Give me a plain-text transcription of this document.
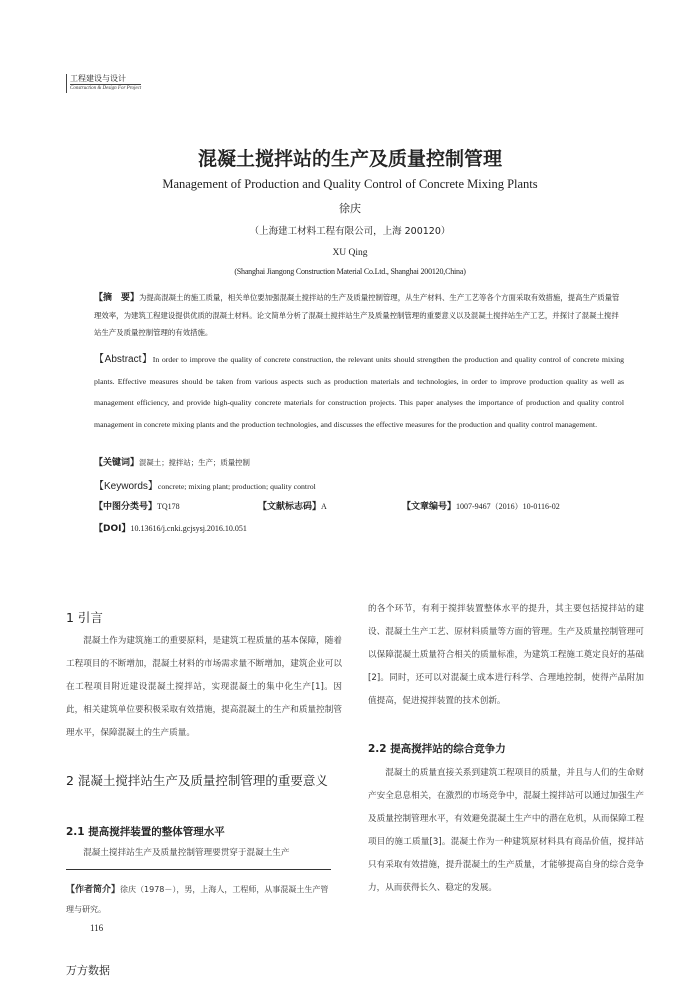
工程建设与设计
Construction & Design For Project
混凝土搅拌站的生产及质量控制管理
Management of Production and Quality Control of Concrete Mixing Plants
徐庆
（上海建工材料工程有限公司，上海 200120）
XU Qing
(Shanghai Jiangong Construction Material Co.Ltd., Shanghai 200120,China)
【摘　要】为提高混凝土的施工质量，相关单位要加强混凝土搅拌站的生产及质量控制管理，从生产材料、生产工艺等各个方面采取有效措施，提高生产质量管理效率，为建筑工程建设提供优质的混凝土材料。论文简单分析了混凝土搅拌站生产及质量控制管理的重要意义以及混凝土搅拌站生产工艺，并探讨了混凝土搅拌站生产及质量控制管理的有效措施。
【Abstract】In order to improve the quality of concrete construction, the relevant units should strengthen the production and quality control of concrete mixing plants. Effective measures should be taken from various aspects such as production materials and technologies, in order to improve production quality as well as management efficiency, and provide high-quality concrete materials for construction projects. This paper analyses the importance of production and quality control management in concrete mixing plants and the production technologies, and discusses the effective measures for the production and quality control management.
【关键词】混凝土；搅拌站；生产；质量控制
【Keywords】concrete; mixing plant; production; quality control
【中图分类号】TQ178	【文献标志码】A	【文章编号】1007-9467（2016）10-0116-02
【DOI】10.13616/j.cnki.gcjsysj.2016.10.051
1 引言

混凝土作为建筑施工的重要原料，是建筑工程质量的基本保障，随着工程项目的不断增加，混凝土材料的市场需求量不断增加，建筑企业可以在工程项目附近建设混凝土搅拌站，实现混凝土的集中化生产[1]。因此，相关建筑单位要积极采取有效措施，提高混凝土的生产和质量控制管理水平，保障混凝土的生产质量。

2 混凝土搅拌站生产及质量控制管理的重要意义
2.1 提高搅拌装置的整体管理水平

混凝土搅拌站生产及质量控制管理要贯穿于混凝土生产

【作者简介】徐庆（1978－），男，上海人，工程师，从事混凝土生产管理与研究。
116

的各个环节，有利于搅拌装置整体水平的提升，其主要包括搅拌站的建设、混凝土生产工艺、原材料质量等方面的管理。生产及质量控制管理可以保障混凝土质量符合相关的质量标准，为建筑工程施工奠定良好的基础[2]。同时，还可以对混凝土成本进行科学、合理地控制，使得产品附加值提高，促进搅拌装置的技术创新。

2.2 提高搅拌站的综合竞争力

混凝土的质量直接关系到建筑工程项目的质量，并且与人们的生命财产安全息息相关，在激烈的市场竞争中，混凝土搅拌站可以通过加强生产及质量控制管理水平，有效避免混凝土生产中的潜在危机，从而保障工程项目的施工质量[3]。混凝土作为一种建筑原材料具有商品价值，搅拌站只有采取有效措施，提升混凝土的生产质量，才能够提高自身的综合竞争力，从而获得长久、稳定的发展。

万方数据
